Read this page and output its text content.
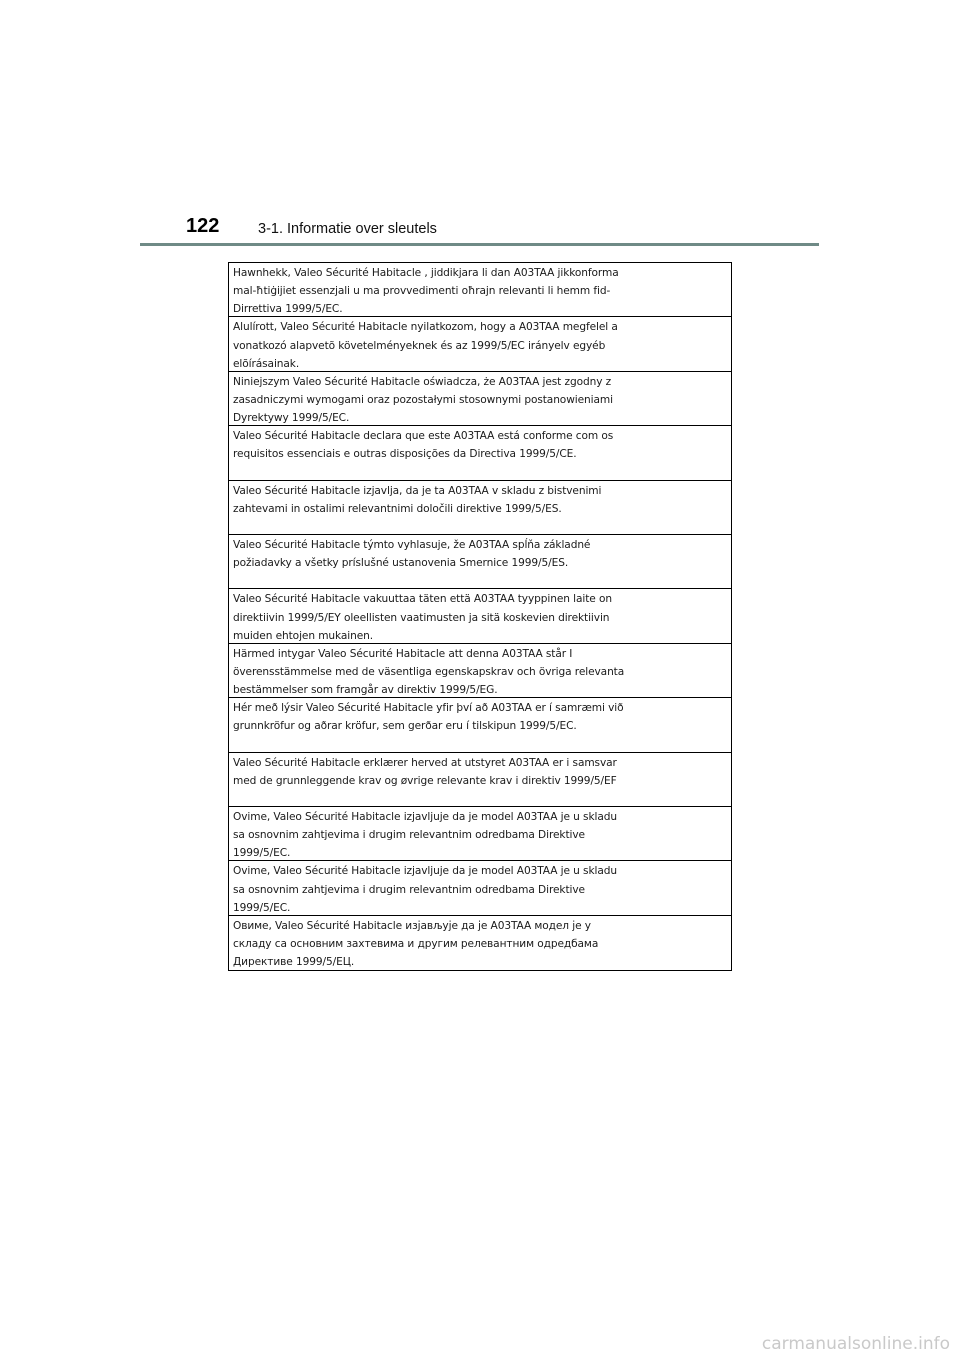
122	3-1. Informatie over sleutels
Hawnhekk, Valeo Sécurité Habitacle , jiddikjara li dan A03TAA jikkonforma
mal-ħtiġijiet essenzjali u ma provvedimenti oħrajn relevanti li hemm fid-
Dirrettiva 1999/5/EC.
Alulírott, Valeo Sécurité Habitacle nyilatkozom, hogy a A03TAA megfelel a
vonatkozó alapvetõ követelményeknek és az 1999/5/EC irányelv egyéb
elõírásainak.
Niniejszym Valeo Sécurité Habitacle oświadcza, że A03TAA jest zgodny z
zasadniczymi wymogami oraz pozostałymi stosownymi postanowieniami
Dyrektywy 1999/5/EC.
Valeo Sécurité Habitacle declara que este A03TAA está conforme com os
requisitos essenciais e outras disposições da Directiva 1999/5/CE.
Valeo Sécurité Habitacle izjavlja, da je ta A03TAA v skladu z bistvenimi
zahtevami in ostalimi relevantnimi določili direktive 1999/5/ES.
Valeo Sécurité Habitacle týmto vyhlasuje, že A03TAA spĺňa základné
požiadavky a všetky príslušné ustanovenia Smernice 1999/5/ES.
Valeo Sécurité Habitacle vakuuttaa täten että A03TAA tyyppinen laite on
direktiivin 1999/5/EY oleellisten vaatimusten ja sitä koskevien direktiivin
muiden ehtojen mukainen.
Härmed intygar Valeo Sécurité Habitacle att denna A03TAA står I
överensstämmelse med de väsentliga egenskapskrav och övriga relevanta
bestämmelser som framgår av direktiv 1999/5/EG.
Hér með lýsir Valeo Sécurité Habitacle yfir því að A03TAA er í samræmi við
grunnkröfur og aðrar kröfur, sem gerðar eru í tilskipun 1999/5/EC.
Valeo Sécurité Habitacle erklærer herved at utstyret A03TAA er i samsvar
med de grunnleggende krav og øvrige relevante krav i direktiv 1999/5/EF
Ovime, Valeo Sécurité Habitacle izjavljuje da je model A03TAA je u skladu
sa osnovnim zahtjevima i drugim relevantnim odredbama Direktive
1999/5/EC.
Ovime, Valeo Sécurité Habitacle izjavljuje da je model A03TAA je u skladu
sa osnovnim zahtjevima i drugim relevantnim odredbama Direktive
1999/5/EC.
Овиме, Valeo Sécurité Habitacle изјављује да је A03TAA модел је у
складу са основним захтевима и другим релевантним одредбама
Директиве 1999/5/ЕЦ.
carmanualsonline.info
